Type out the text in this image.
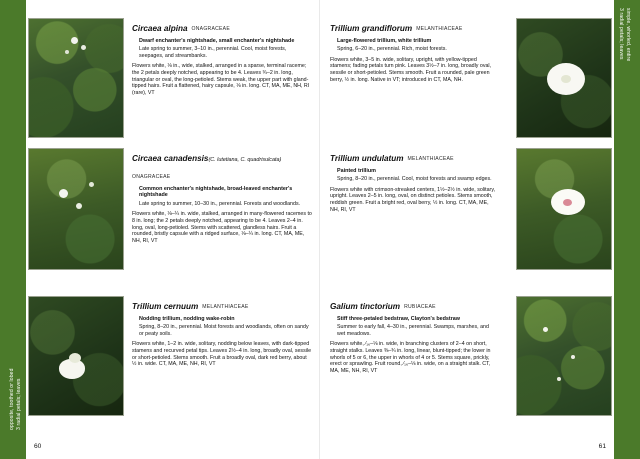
3 radial petals; leaves
opposite, toothed or lobed
Circaea alpina ONAGRACEAE
Dwarf enchanter's nightshade, small enchanter's nightshade
Late spring to summer, 3–10 in., perennial. Cool, moist forests, seepages, and streambanks.
Flowers white, ⅛ in., wide, stalked, arranged in a sparse, terminal raceme; the 2 petals deeply notched, appearing to be 4. Leaves ¾–2 in. long, triangular or oval, the long-petioled. Stems weak, the upper part with gland-tipped hairs. Fruit a flattened, hairy capsule, ⅛ in. long. CT, MA, ME, NH, RI (rare), VT
Circaea canadensis(C. lutetiana, C. quadrisulcata) ONAGRACEAE
Common enchanter's nightshade, broad-leaved enchanter's nightshade
Late spring to summer, 10–30 in., perennial. Forests and woodlands.
Flowers white, ⅛–¼ in. wide, stalked, arranged in many-flowered racemes to 8 in. long; the 2 petals deeply notched, appearing to be 4. Leaves 2–4 in. long, oval, long-petioled. Stems with scattered, glandless hairs. Fruit a rounded, bristly capsule with a ridged surface, ⅛–¼ in. long. CT, MA, ME, NH, RI, VT
Trillium cernuum MELANTHIACEAE
Nodding trillium, nodding wake-robin
Spring, 8–20 in., perennial. Moist forests and woodlands, often on sandy or peaty soils.
Flowers white, 1–2 in. wide, solitary, nodding below leaves, with dark-tipped stamens and recurved petal tips. Leaves 2½–4 in. long, broadly oval, sessile or short-petioled. Stems smooth. Fruit a broadly oval, dark red berry, about ½ in. wide. CT, MA, ME, NH, RI, VT
60
3 radial petals; leaves simple, whorled, entire
Trillium grandiflorum MELANTHIACEAE
Large-flowered trillium, white trillium
Spring, 6–20 in., perennial. Rich, moist forests.
Flowers white, 3–5 in. wide, solitary, upright, with yellow-tipped stamens; fading petals turn pink. Leaves 3½–7 in. long, broadly oval, sessile or short-petioled. Stems smooth. Fruit a rounded, pale green berry, ½ in. long. Native in VT; introduced in CT, MA, NH.
Trillium undulatum MELANTHIACEAE
Painted trillium
Spring, 8–20 in., perennial. Cool, moist forests and swamp edges.
Flowers white with crimson-streaked centers, 1½–2½ in. wide, solitary, upright. Leaves 2–5 in. long, oval, on distinct petioles. Stems smooth, reddish green. Fruit a bright red, oval berry, ½ in. long. CT, MA, ME, NH, RI, VT
Galium tinctorium RUBIACEAE
Stiff three-petaled bedstraw, Clayton's bedstraw
Summer to early fall, 4–30 in., perennial. Swamps, marshes, and wet meadows.
Flowers white, ⁄₁₆–⅛ in. wide, in branching clusters of 2–4 on short, straight stalks. Leaves ⅜–¾ in. long, linear, blunt-tipped; the lower in whorls of 5 or 6, the upper in whorls of 4 or 5. Stems square, prickly, erect or sprawling. Fruit round, ⁄₁₆–⅛ in. wide, on a straight stalk. CT, MA, ME, NH, RI, VT
61
